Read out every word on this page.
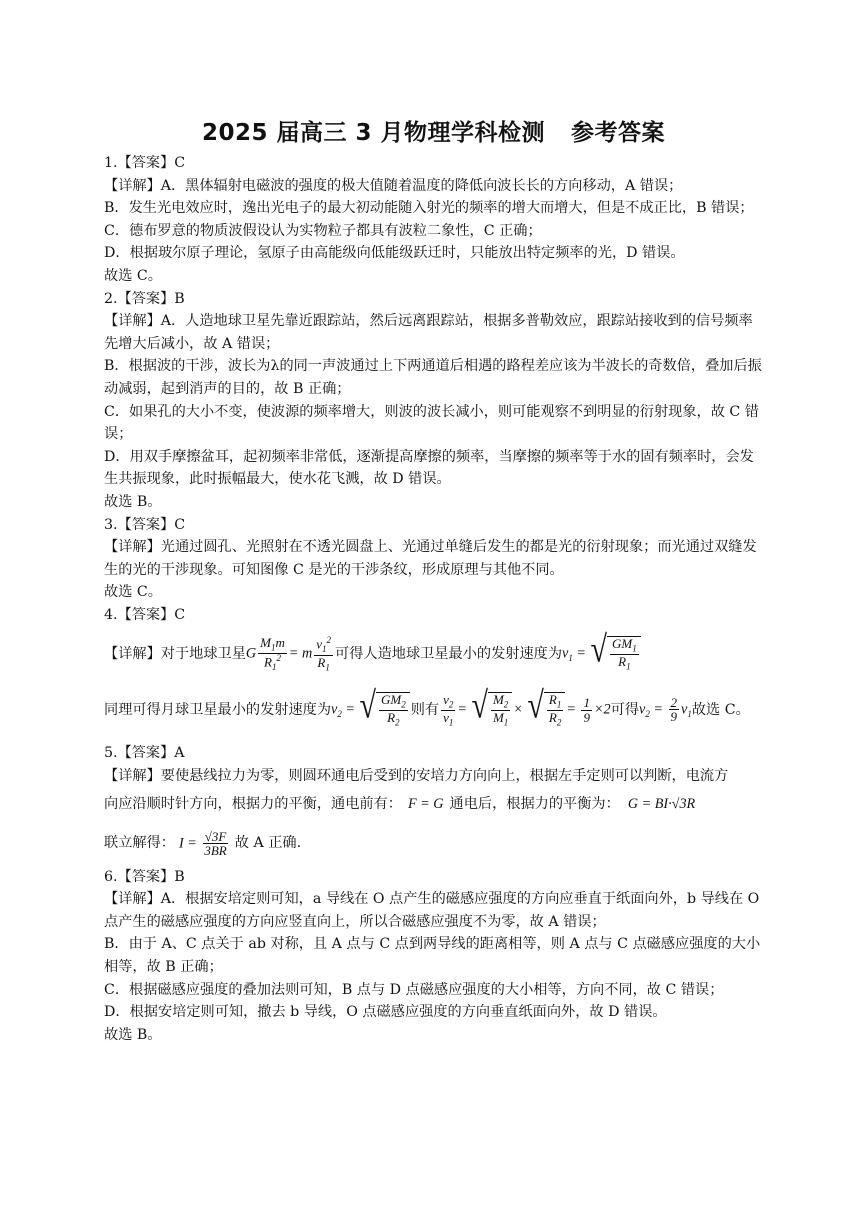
2025 届高三 3 月物理学科检测 参考答案

1.【答案】C

【详解】A．黑体辐射电磁波的强度的极大值随着温度的降低向波长长的方向移动，A 错误；

B．发生光电效应时，逸出光电子的最大初动能随入射光的频率的增大而增大，但是不成正比，B 错误；

C．德布罗意的物质波假设认为实物粒子都具有波粒二象性，C 正确；

D．根据玻尔原子理论，氢原子由高能级向低能级跃迁时，只能放出特定频率的光，D 错误。

故选 C。

2.【答案】B

【详解】A．人造地球卫星先靠近跟踪站，然后远离跟踪站，根据多普勒效应，跟踪站接收到的信号频率先增大后减小，故 A 错误；

B．根据波的干涉，波长为λ的同一声波通过上下两通道后相遇的路程差应该为半波长的奇数倍，叠加后振动减弱，起到消声的目的，故 B 正确；

C．如果孔的大小不变，使波源的频率增大，则波的波长减小，则可能观察不到明显的衍射现象，故 C 错误；

D．用双手摩擦盆耳，起初频率非常低，逐渐提高摩擦的频率，当摩擦的频率等于水的固有频率时，会发生共振现象，此时振幅最大，使水花飞溅，故 D 错误。

故选 B。

3.【答案】C

【详解】光通过圆孔、光照射在不透光圆盘上、光通过单缝后发生的都是光的衍射现象；而光通过双缝发生的光的干涉现象。可知图像 C 是光的干涉条纹，形成原理与其他不同。

故选 C。

4.【答案】C

【详解】对于地球卫星 G $\frac{M_1m}{R_1^2} = m \frac{v_1^2}{R_1}$ 可得人造地球卫星最小的发射速度为 $v_1$ = √ $\frac{GM_1}{R_1}$
同理可得月球卫星最小的发射速度为 $v_2$ = √ $\frac{GM_2}{R_2}$ 则有 $\frac{v_2}{v_1}$ = √ $\frac{M_2}{M_1}$ × √ $\frac{R_1}{R_2} = \frac{1}{9} \times 2$ 可得 $v_2 = \frac{2}{9} v_1$ 故选 C。

5.【答案】A

【详解】要使悬线拉力为零，则圆环通电后受到的安培力方向向上，根据左手定则可以判断，电流方

向应沿顺时针方向，根据力的平衡，通电前有： F = G 通电后，根据力的平衡为： G = BI·√3R
联立解得： $I = \frac{√3F}{3BR}$ 故 A 正确.

6.【答案】B

【详解】A．根据安培定则可知，a 导线在 O 点产生的磁感应强度的方向应垂直于纸面向外，b 导线在 O 点产生的磁感应强度的方向应竖直向上，所以合磁感应强度不为零，故 A 错误；

B．由于 A、C 点关于 ab 对称，且 A 点与 C 点到两导线的距离相等，则 A 点与 C 点磁感应强度的大小相等，故 B 正确；

C．根据磁感应强度的叠加法则可知，B 点与 D 点磁感应强度的大小相等，方向不同，故 C 错误；

D．根据安培定则可知，撤去 b 导线，O 点磁感应强度的方向垂直纸面向外，故 D 错误。

故选 B。
